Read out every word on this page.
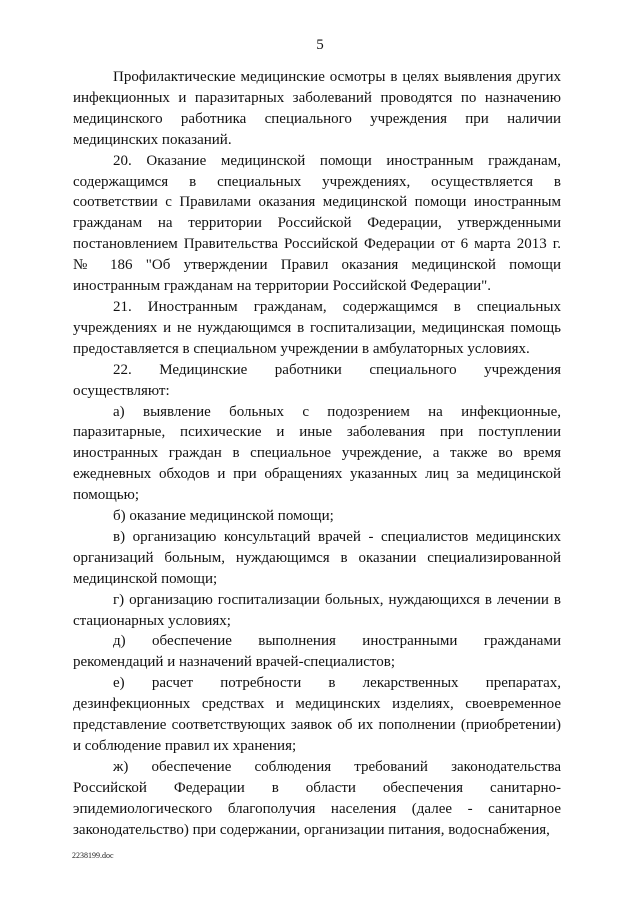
5

Профилактические медицинские осмотры в целях выявления других инфекционных и паразитарных заболеваний проводятся по назначению медицинского работника специального учреждения при наличии медицинских показаний.

20. Оказание медицинской помощи иностранным гражданам, содержащимся в специальных учреждениях, осуществляется в соответствии с Правилами оказания медицинской помощи иностранным гражданам на территории Российской Федерации, утвержденными постановлением Правительства Российской Федерации от 6 марта 2013 г. № 186 "Об утверждении Правил оказания медицинской помощи иностранным гражданам на территории Российской Федерации".

21. Иностранным гражданам, содержащимся в специальных учреждениях и не нуждающимся в госпитализации, медицинская помощь предоставляется в специальном учреждении в амбулаторных условиях.

22. Медицинские работники специального учреждения осуществляют:

а) выявление больных с подозрением на инфекционные, паразитарные, психические и иные заболевания при поступлении иностранных граждан в специальное учреждение, а также во время ежедневных обходов и при обращениях указанных лиц за медицинской помощью;

б) оказание медицинской помощи;

в) организацию консультаций врачей - специалистов медицинских организаций больным, нуждающимся в оказании специализированной медицинской помощи;

г) организацию госпитализации больных, нуждающихся в лечении в стационарных условиях;

д) обеспечение выполнения иностранными гражданами рекомендаций и назначений врачей-специалистов;

е) расчет потребности в лекарственных препаратах, дезинфекционных средствах и медицинских изделиях, своевременное представление соответствующих заявок об их пополнении (приобретении) и соблюдение правил их хранения;

ж) обеспечение соблюдения требований законодательства Российской Федерации в области обеспечения санитарно-эпидемиологического благополучия населения (далее - санитарное законодательство) при содержании, организации питания, водоснабжения,

2238199.doc
